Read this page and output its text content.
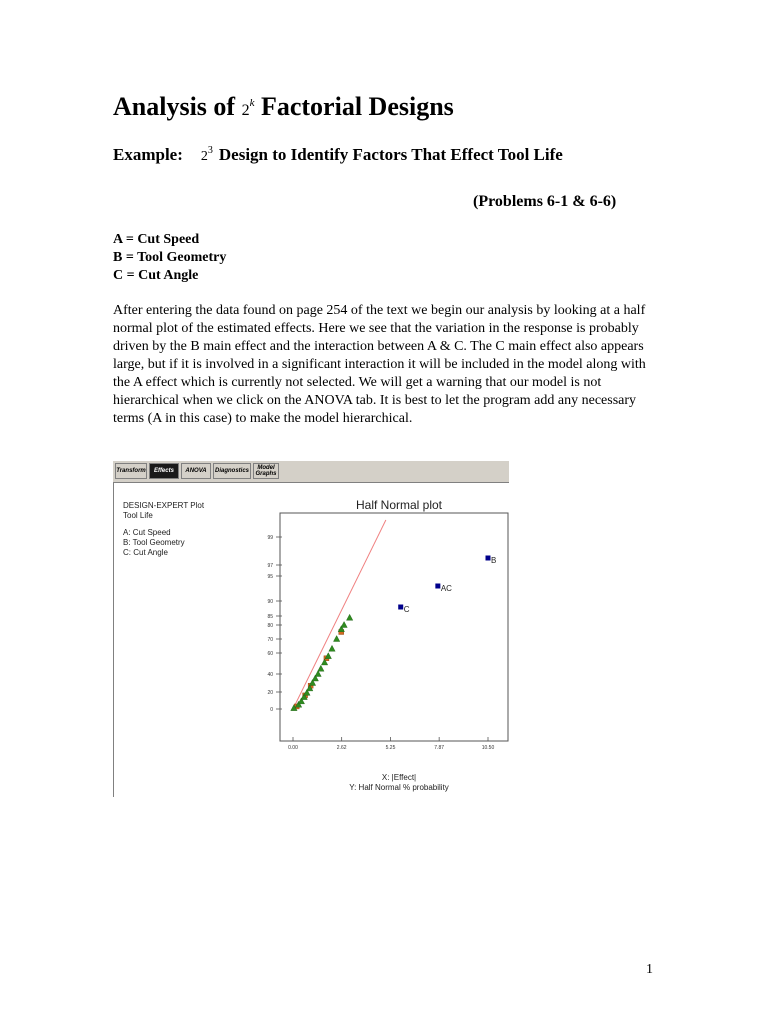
Analysis of 2$^k$ Factorial Designs
Example: $2^3$ Design to Identify Factors That Effect Tool Life
(Problems 6-1 & 6-6)
A = Cut Speed
B = Tool Geometry
C = Cut Angle
After entering the data found on page 254 of the text we begin our analysis by looking at a half normal plot of the estimated effects. Here we see that the variation in the response is probably driven by the B main effect and the interaction between A & C. The C main effect also appears large, but if it is involved in a significant interaction it will be included in the model along with the A effect which is currently not selected. We will get a warning that our model is not hierarchical when we click on the ANOVA tab. It is best to let the program add any necessary terms (A in this case) to make the model hierarchical.
Transform	Effects	ANOVA	Diagnostics	Model Graphs
DESIGN-EXPERT Plot
Tool Life
A: Cut Speed
B: Tool Geometry
C: Cut Angle
Half Normal plot
99
97
95
90
85
80
70
60
40
20
0
0.00	2.62	5.25	7.87	10.50
B
AC
C
X: |Effect|
Y: Half Normal % probability
1
